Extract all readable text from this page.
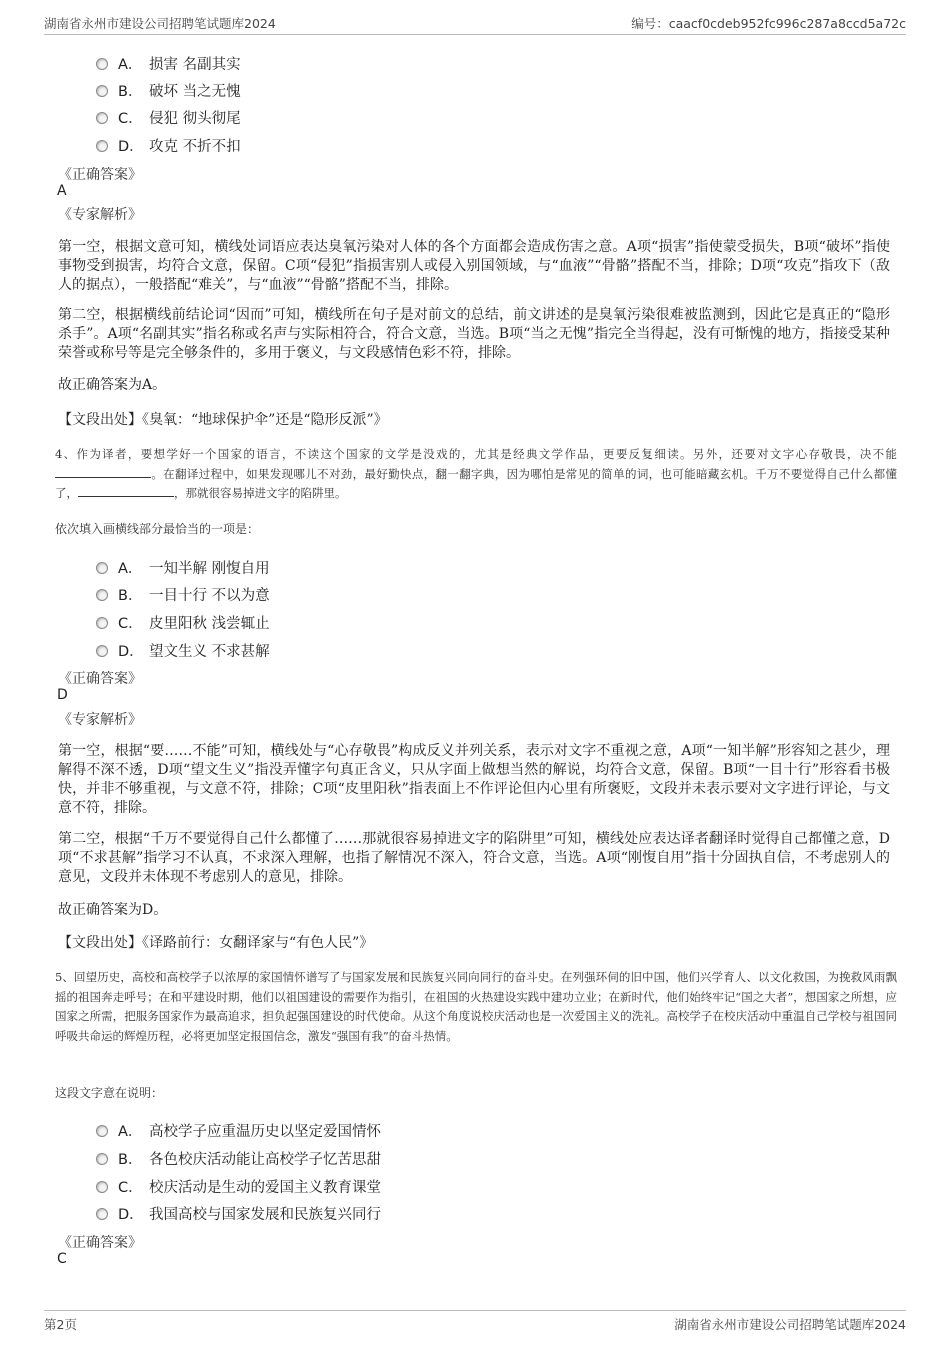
湖南省永州市建设公司招聘笔试题库2024	编号：caacf0cdeb952fc996c287a8ccd5a72c
A． 损害 名副其实
B． 破坏 当之无愧
C． 侵犯 彻头彻尾
D． 攻克 不折不扣
《正确答案》
A
《专家解析》

第一空，根据文意可知，横线处词语应表达臭氧污染对人体的各个方面都会造成伤害之意。A项“损害”指使蒙受损失，B项“破坏”指使事物受到损害，均符合文意，保留。C项“侵犯”指损害别人或侵入别国领域，与“血液”“骨骼”搭配不当，排除；D项“攻克”指攻下（敌人的据点），一般搭配“难关”，与“血液”“骨骼”搭配不当，排除。

第二空，根据横线前结论词“因而”可知，横线所在句子是对前文的总结，前文讲述的是臭氧污染很难被监测到，因此它是真正的“隐形杀手”。A项“名副其实”指名称或名声与实际相符合，符合文意，当选。B项“当之无愧”指完全当得起，没有可惭愧的地方，指接受某种荣誉或称号等是完全够条件的，多用于褒义，与文段感情色彩不符，排除。

故正确答案为A。

【文段出处】《臭氧：“地球保护伞”还是“隐形反派”》

4、作为译者，要想学好一个国家的语言，不读这个国家的文学是没戏的，尤其是经典文学作品，更要反复细读。另外，还要对文字心存敬畏，决不能。在翻译过程中，如果发现哪儿不对劲，最好勤快点，翻一翻字典，因为哪怕是常见的简单的词，也可能暗藏玄机。千万不要觉得自己什么都懂了，	，那就很容易掉进文字的陷阱里。

依次填入画横线部分最恰当的一项是：
A． 一知半解 刚愎自用
B． 一目十行 不以为意
C． 皮里阳秋 浅尝辄止
D． 望文生义 不求甚解
《正确答案》
D
《专家解析》

第一空，根据“要……不能”可知，横线处与“心存敬畏”构成反义并列关系，表示对文字不重视之意，A项“一知半解”形容知之甚少，理解得不深不透，D项“望文生义”指没弄懂字句真正含义，只从字面上做想当然的解说，均符合文意，保留。B项“一目十行”形容看书极快，并非不够重视，与文意不符，排除；C项“皮里阳秋”指表面上不作评论但内心里有所褒贬，文段并未表示要对文字进行评论，与文意不符，排除。

第二空，根据“千万不要觉得自己什么都懂了……那就很容易掉进文字的陷阱里”可知，横线处应表达译者翻译时觉得自己都懂之意，D项“不求甚解”指学习不认真，不求深入理解，也指了解情况不深入，符合文意，当选。A项“刚愎自用”指十分固执自信，不考虑别人的意见，文段并未体现不考虑别人的意见，排除。

故正确答案为D。

【文段出处】《译路前行：女翻译家与“有色人民”》

5、回望历史，高校和高校学子以浓厚的家国情怀谱写了与国家发展和民族复兴同向同行的奋斗史。在列强环伺的旧中国，他们兴学育人、以文化救国，为挽救风雨飘摇的祖国奔走呼号；在和平建设时期，他们以祖国建设的需要作为指引，在祖国的火热建设实践中建功立业；在新时代，他们始终牢记“国之大者”，想国家之所想，应国家之所需，把服务国家作为最高追求，担负起强国建设的时代使命。从这个角度说校庆活动也是一次爱国主义的洗礼。高校学子在校庆活动中重温自己学校与祖国同呼吸共命运的辉煌历程，必将更加坚定报国信念，激发“强国有我”的奋斗热情。

这段文字意在说明：
A． 高校学子应重温历史以坚定爱国情怀
B． 各色校庆活动能让高校学子忆苦思甜
C． 校庆活动是生动的爱国主义教育课堂
D． 我国高校与国家发展和民族复兴同行
《正确答案》
C
第2页	湖南省永州市建设公司招聘笔试题库2024
